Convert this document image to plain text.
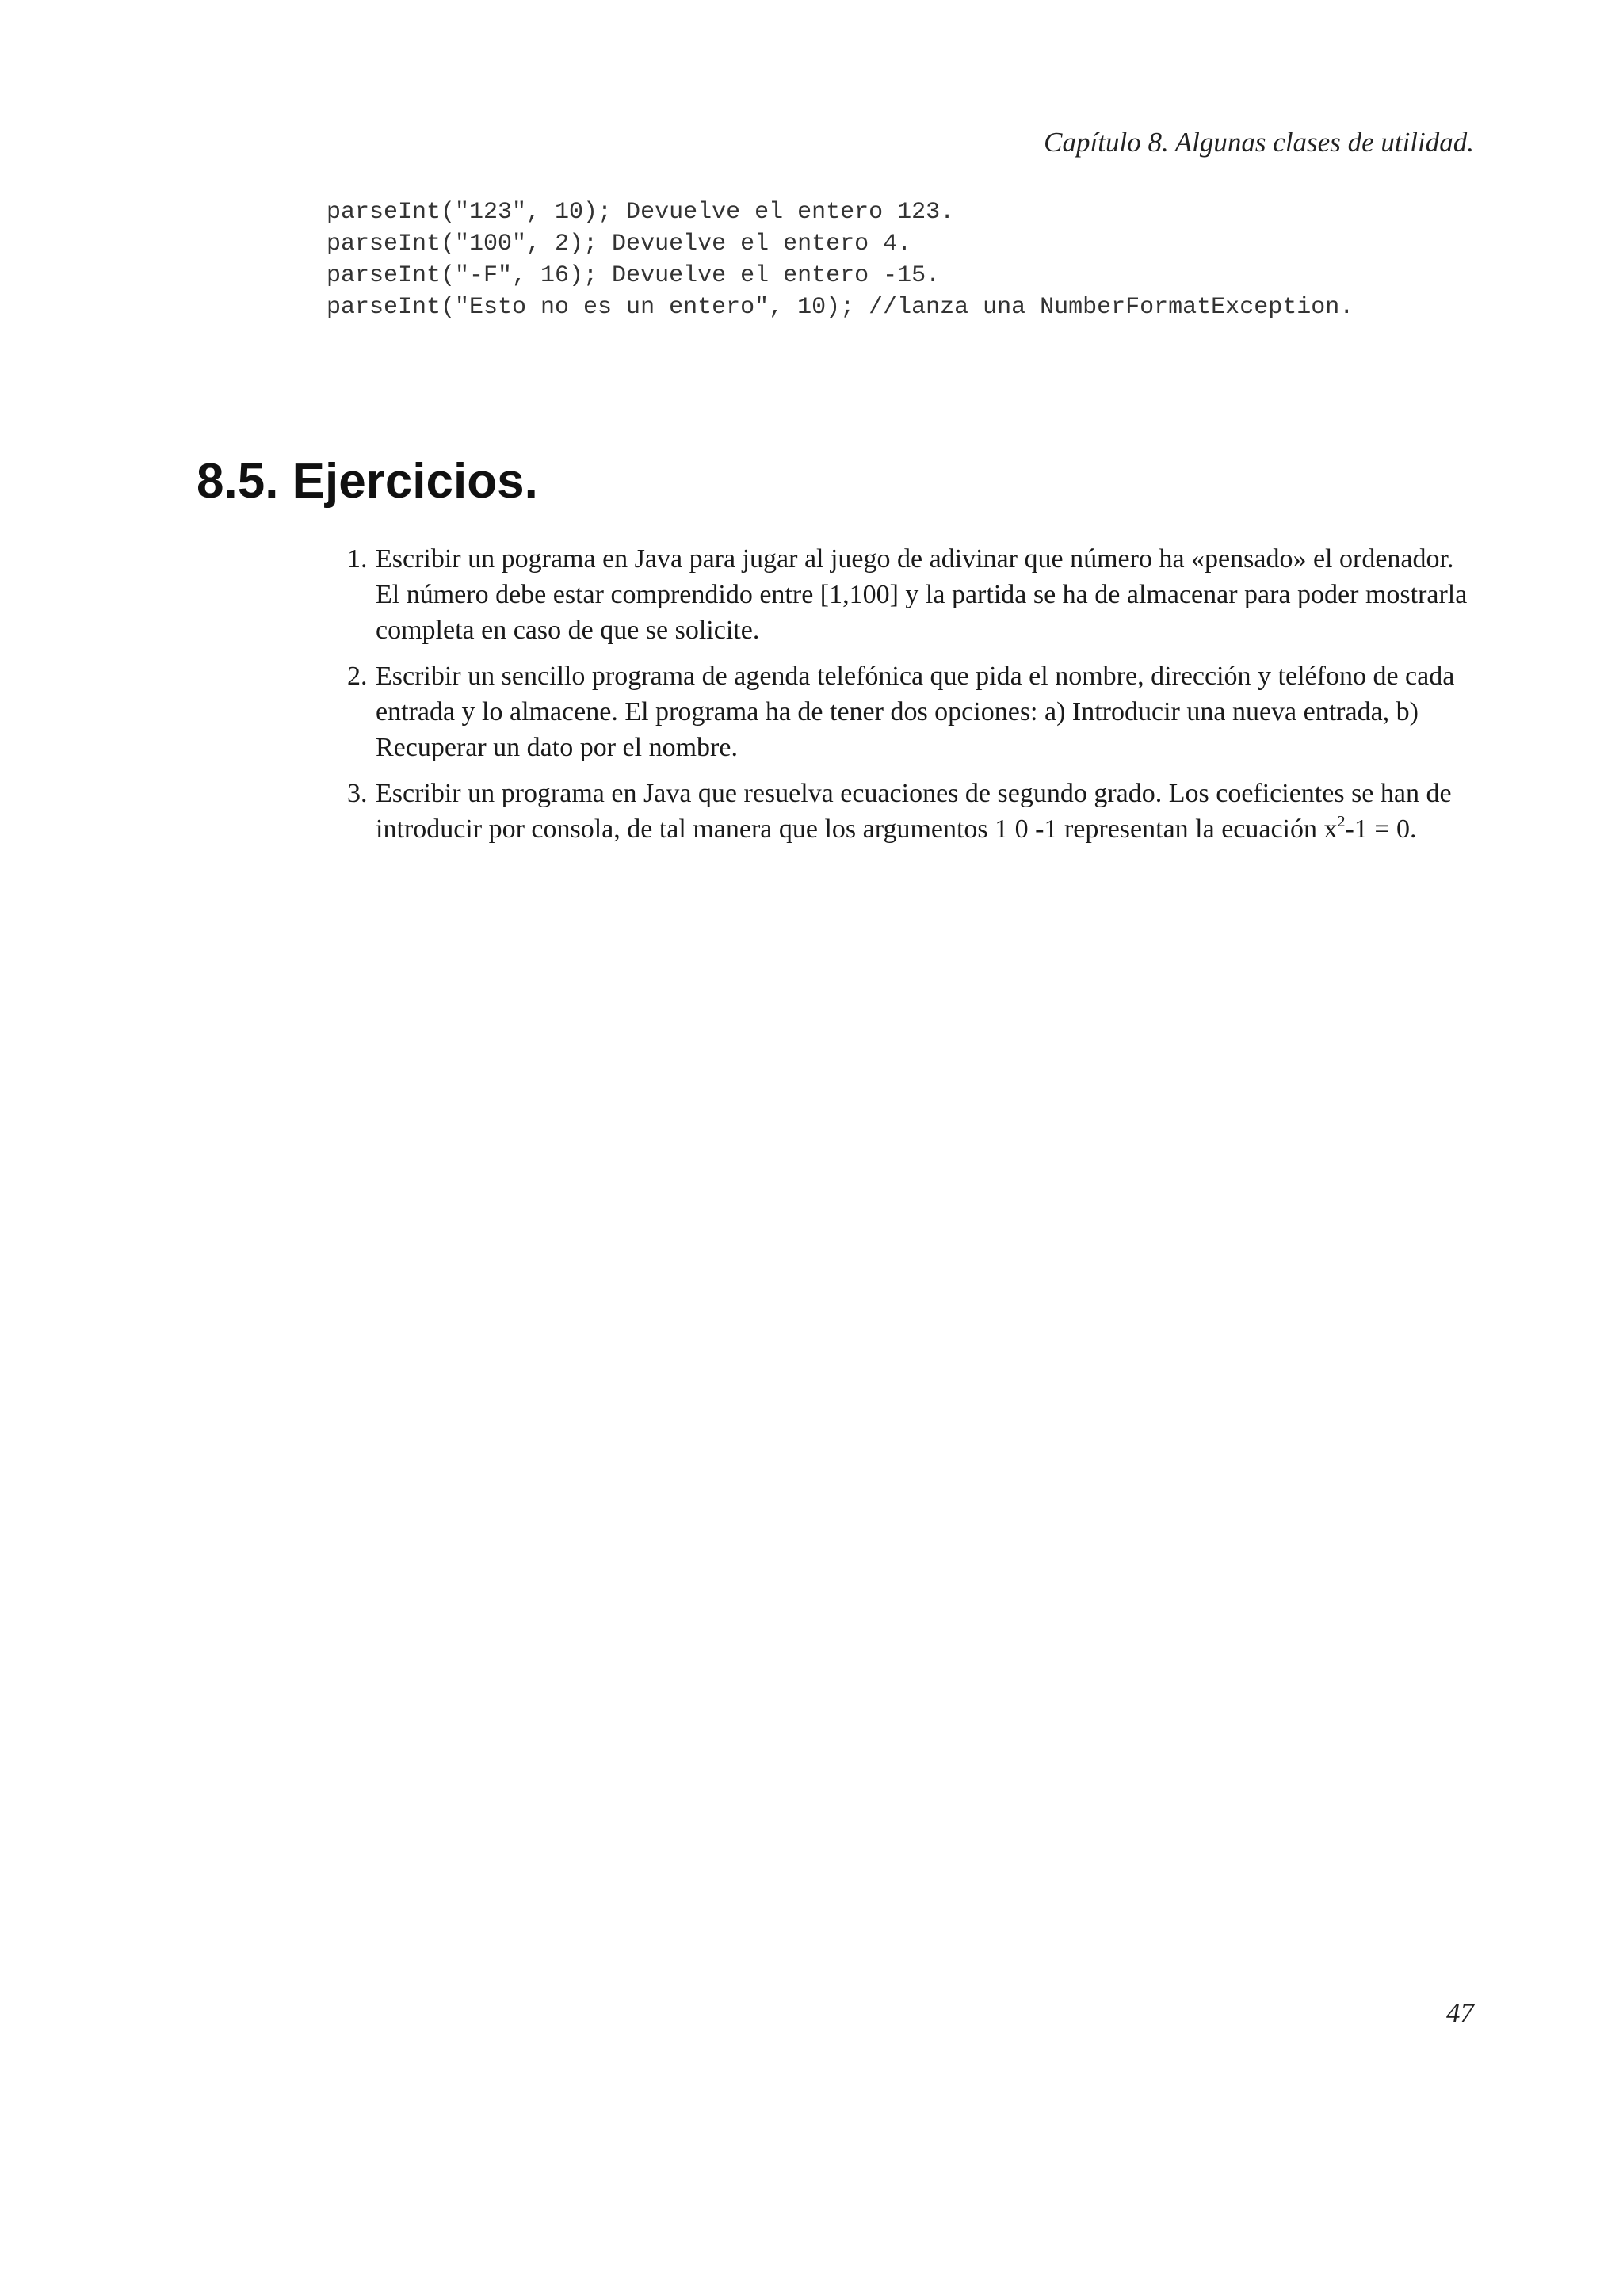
Capítulo 8. Algunas clases de utilidad.
parseInt("123", 10); Devuelve el entero 123.
parseInt("100", 2); Devuelve el entero 4.
parseInt("-F", 16); Devuelve el entero -15.
parseInt("Esto no es un entero", 10); //lanza una NumberFormatException.
8.5. Ejercicios.
1. Escribir un pograma en Java para jugar al juego de adivinar que número ha «pensado» el ordenador. El número debe estar comprendido entre [1,100] y la partida se ha de almacenar para poder mostrarla completa en caso de que se solicite.
2. Escribir un sencillo programa de agenda telefónica que pida el nombre, dirección y teléfono de cada entrada y lo almacene. El programa ha de tener dos opciones: a) Introducir una nueva entrada, b) Recuperar un dato por el nombre.
3. Escribir un programa en Java que resuelva ecuaciones de segundo grado. Los coeficientes se han de introducir por consola, de tal manera que los argumentos 1 0 -1 representan la ecuación $x^2-1 = 0$.
47
